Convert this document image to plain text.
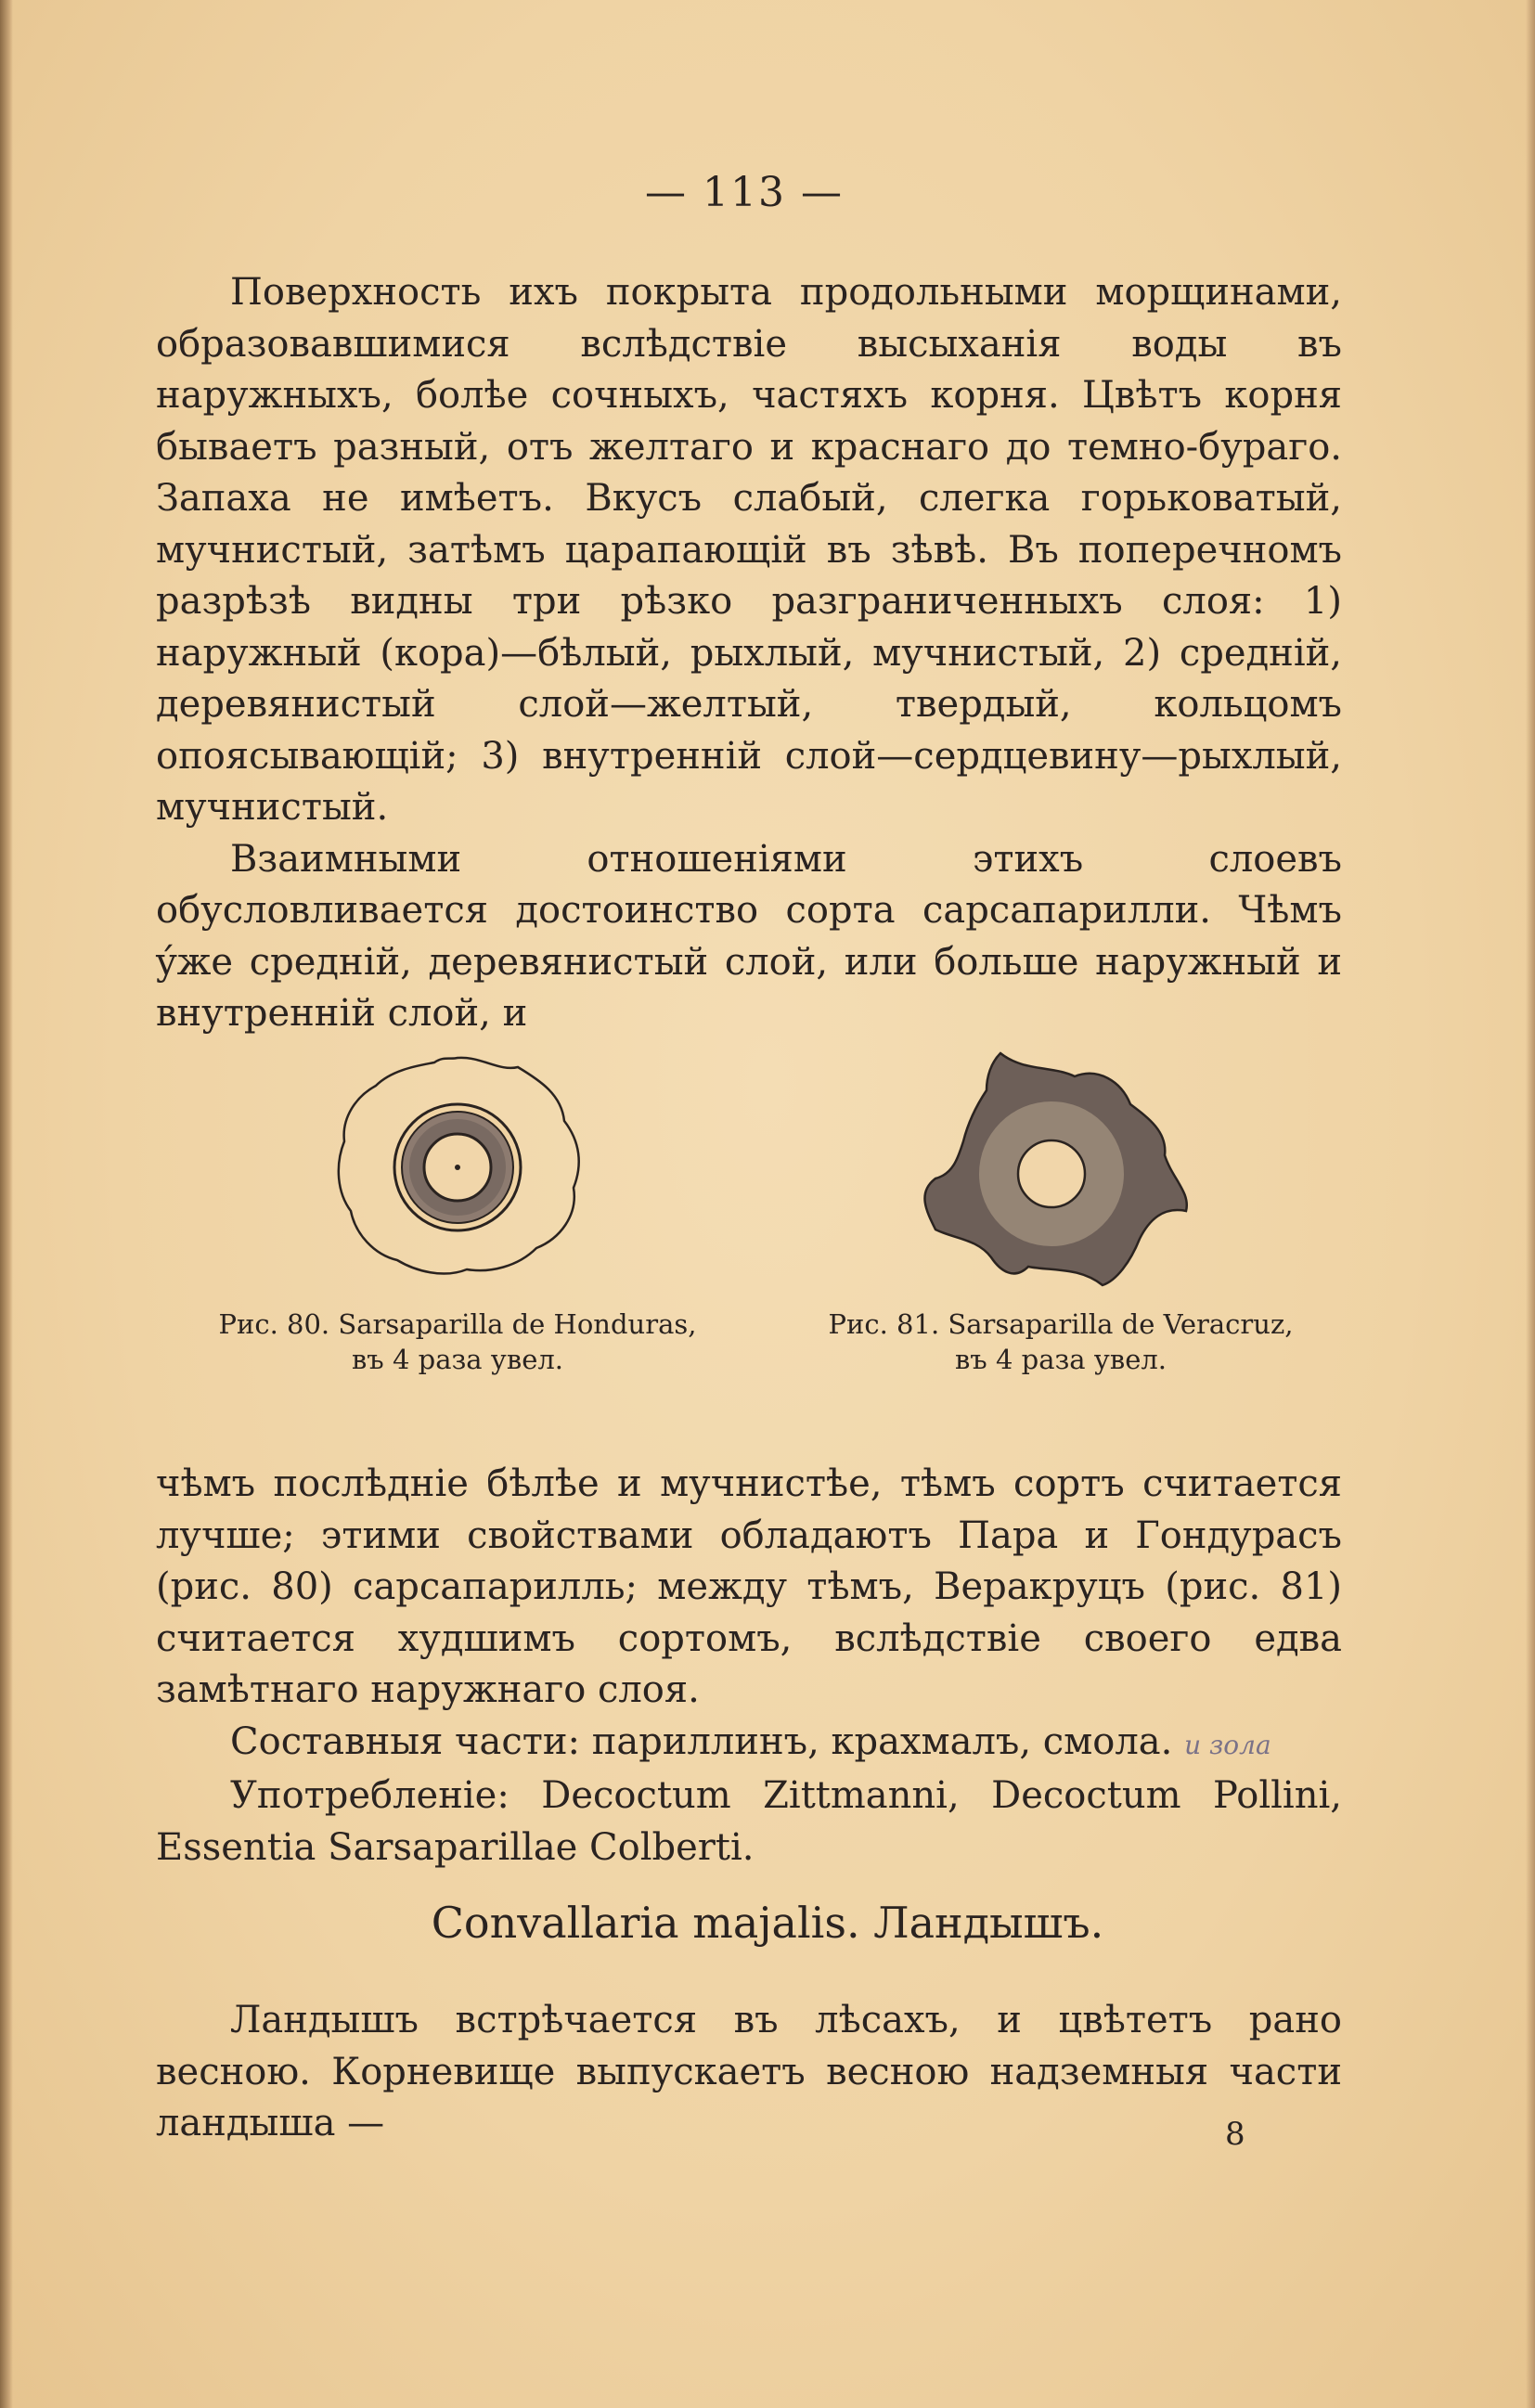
— 113 —

Поверхность ихъ покрыта продольными морщинами, образовавшимися вслѣдствіе высыханія воды въ наружныхъ, болѣе сочныхъ, частяхъ корня. Цвѣтъ корня бываетъ разный, отъ желтаго и краснаго до темно-бураго. Запаха не имѣетъ. Вкусъ слабый, слегка горьковатый, мучнистый, затѣмъ царапающій въ зѣвѣ. Въ поперечномъ разрѣзѣ видны три рѣзко разграниченныхъ слоя: 1) наружный (кора)—бѣлый, рыхлый, мучнистый, 2) средній, деревянистый слой—желтый, твердый, кольцомъ опоясывающій; 3) внутренній слой—сердцевину—рыхлый, мучнистый.

Взаимными отношеніями этихъ слоевъ обусловливается достоинство сорта сарсапарилли. Чѣмъ ýже средній, деревянистый слой, или больше наружный и внутренній слой, и

Рис. 80. Sarsaparilla de Honduras,
въ 4 раза увел.
Рис. 81. Sarsaparilla de Veracruz,
въ 4 раза увел.

чѣмъ послѣдніе бѣлѣе и мучнистѣе, тѣмъ сортъ считается лучше; этими свойствами обладаютъ Пара и Гондурасъ (рис. 80) сарсапарилль; между тѣмъ, Веракруцъ (рис. 81) считается худшимъ сортомъ, вслѣдствіе своего едва замѣтнаго наружнаго слоя.

Составныя части: париллинъ, крахмалъ, смола. и зола

Употребленіе: Decoctum Zittmanni, Decoctum Pollini, Essentia Sarsaparillae Colberti.

Convallaria majalis. Ландышъ.

Ландышъ встрѣчается въ лѣсахъ, и цвѣтетъ рано весною. Корневище выпускаетъ весною надземныя части ландыша —	8
